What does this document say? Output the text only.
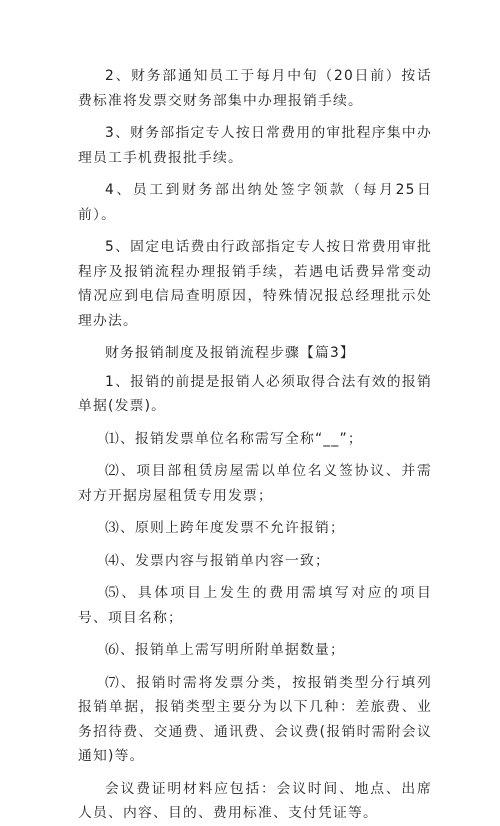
2、财务部通知员工于每月中旬（20日前）按话费标准将发票交财务部集中办理报销手续。

3、财务部指定专人按日常费用的审批程序集中办理员工手机费报批手续。

4、员工到财务部出纳处签字领款（每月25日前）。

5、固定电话费由行政部指定专人按日常费用审批程序及报销流程办理报销手续，若遇电话费异常变动情况应到电信局查明原因，特殊情况报总经理批示处理办法。

财务报销制度及报销流程步骤【篇3】

1、报销的前提是报销人必须取得合法有效的报销单据(发票)。

⑴、报销发票单位名称需写全称“__”；

⑵、项目部租赁房屋需以单位名义签协议、并需对方开据房屋租赁专用发票；

⑶、原则上跨年度发票不允许报销；

⑷、发票内容与报销单内容一致；

⑸、具体项目上发生的费用需填写对应的项目号、项目名称；

⑹、报销单上需写明所附单据数量；

⑺、报销时需将发票分类，按报销类型分行填列报销单据，报销类型主要分为以下几种：差旅费、业务招待费、交通费、通讯费、会议费(报销时需附会议通知)等。

会议费证明材料应包括：会议时间、地点、出席人员、内容、目的、费用标准、支付凭证等。
